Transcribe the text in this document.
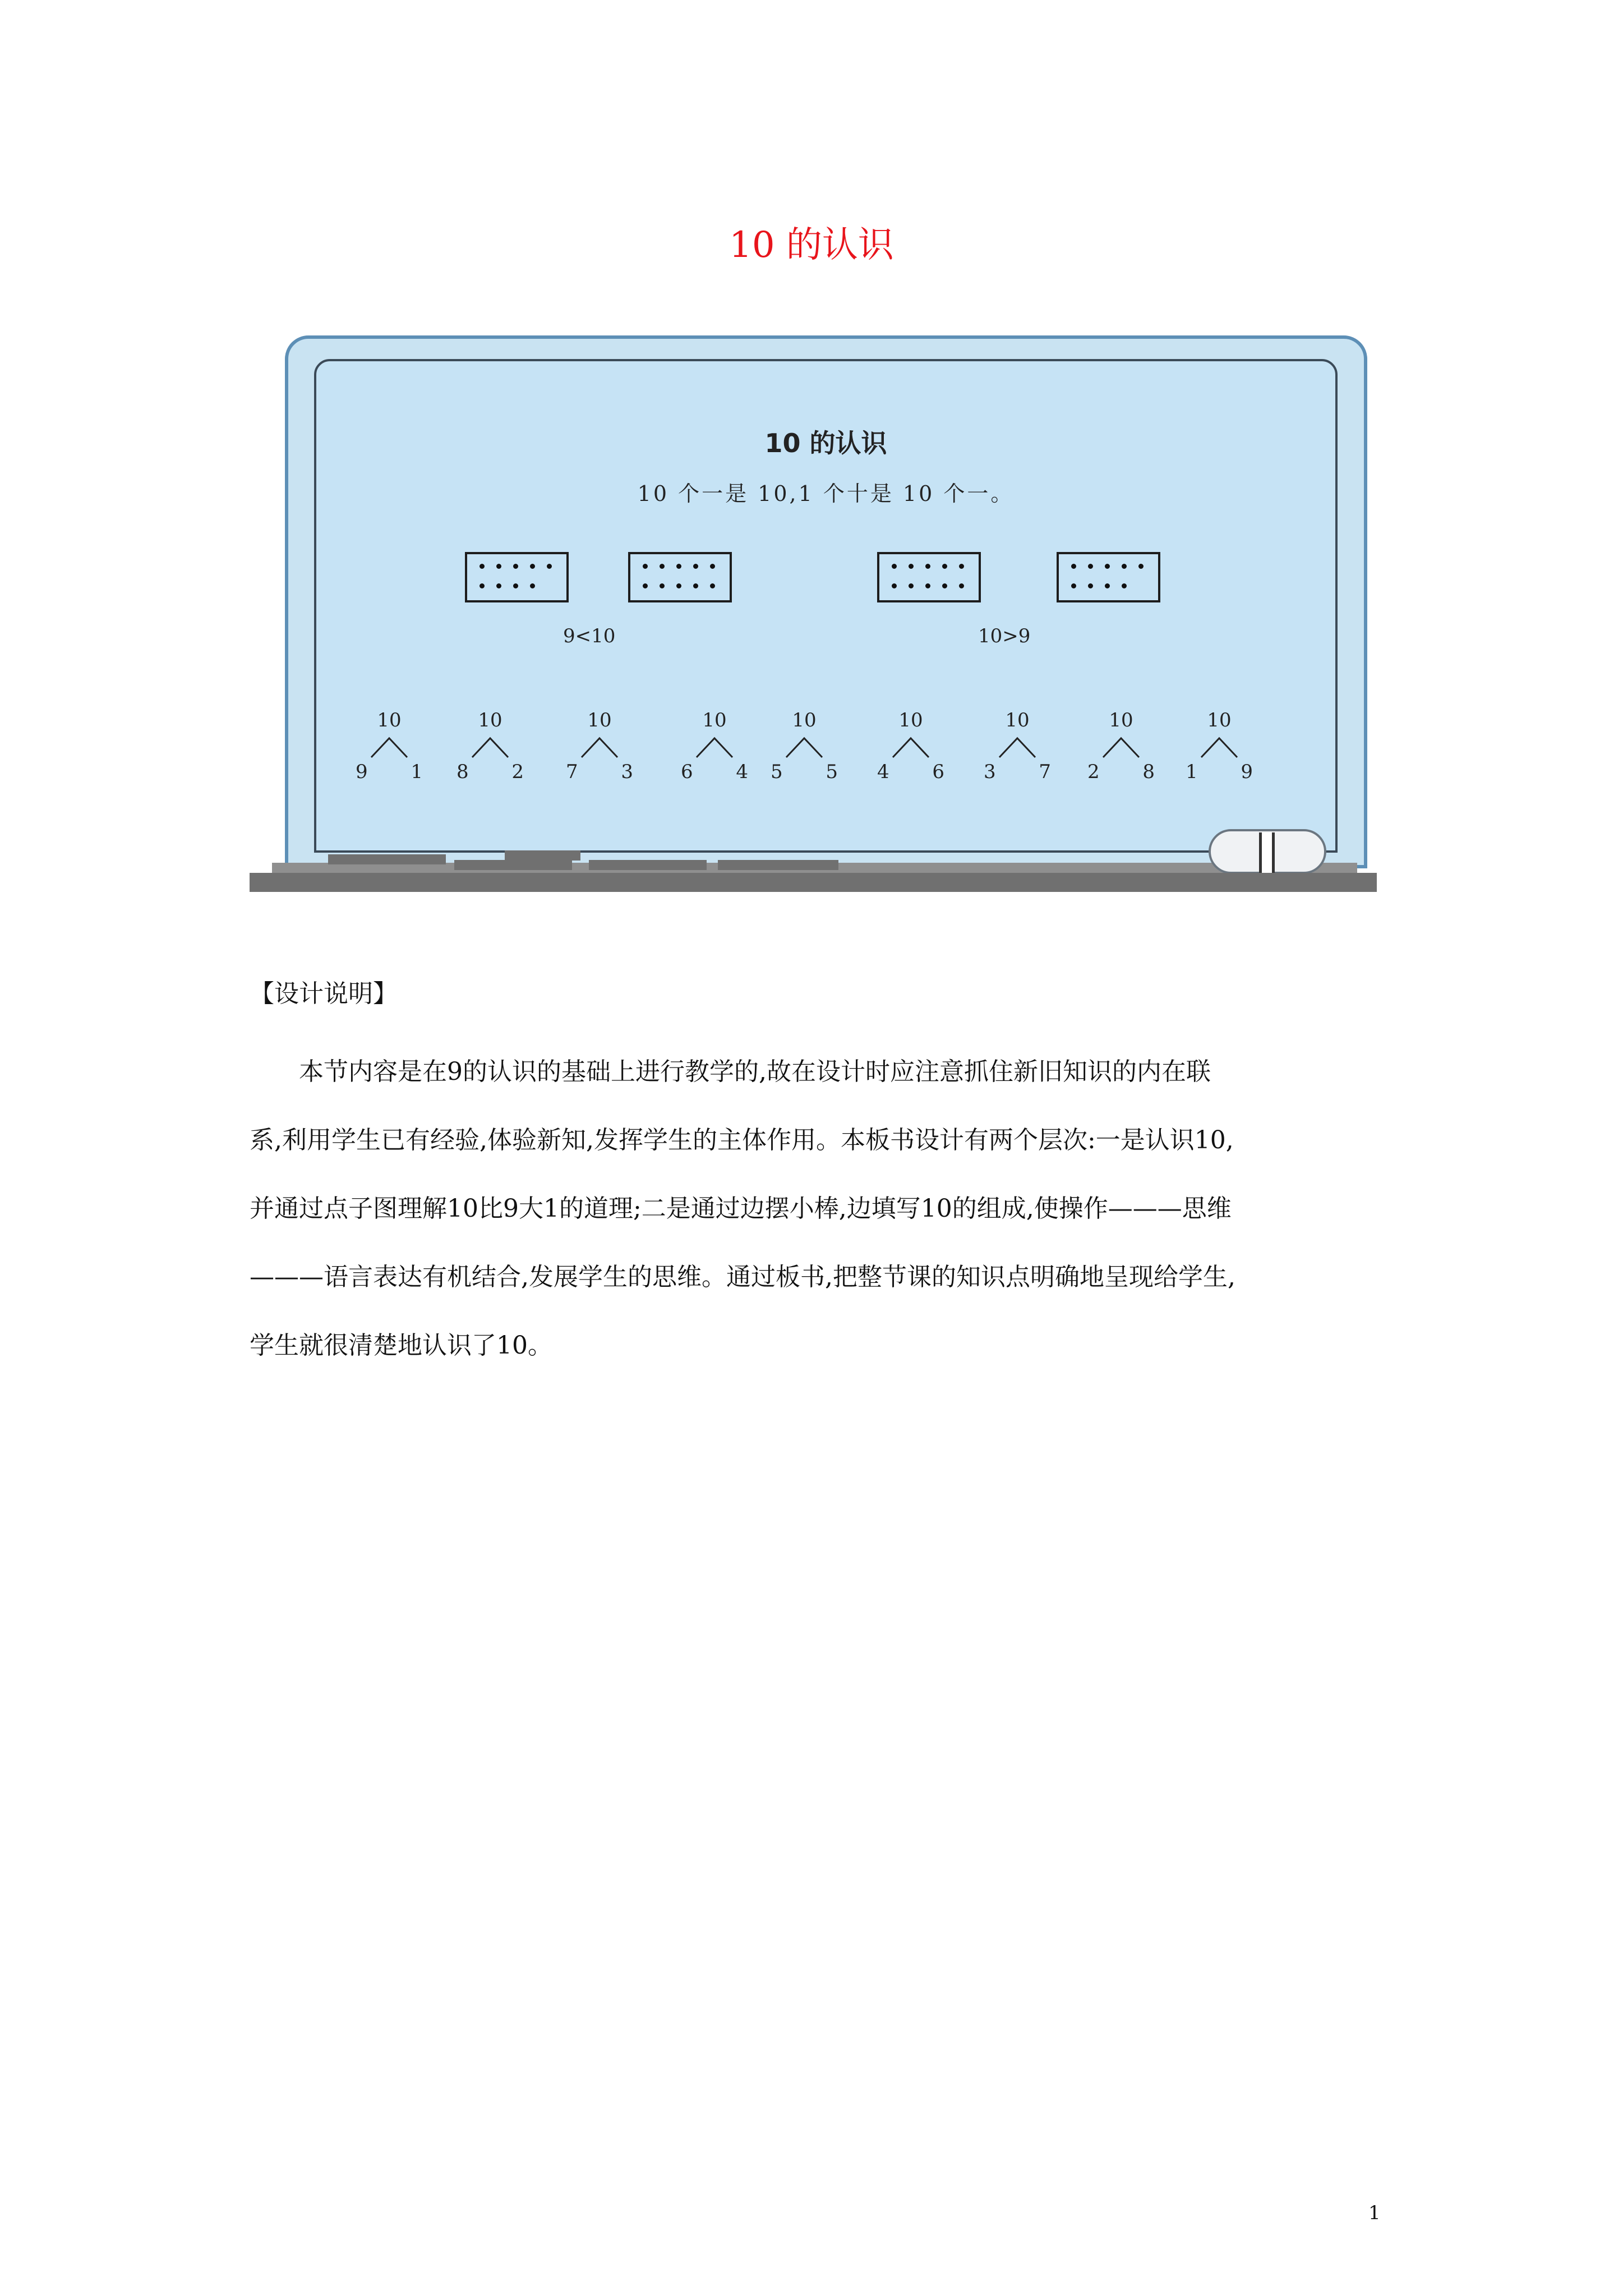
10 的认识
10 的认识
10 个一是 10,1 个十是 10 个一。
9<10	10>9
10
9 1
10
8 2
10
7 3
10
6 4
10
5 5
10
4 6
10
3 7
10
2 8
10
1 9
【设计说明】
本节内容是在9的认识的基础上进行教学的,故在设计时应注意抓住新旧知识的内在联
系,利用学生已有经验,体验新知,发挥学生的主体作用。本板书设计有两个层次:一是认识10,
并通过点子图理解10比9大1的道理;二是通过边摆小棒,边填写10的组成,使操作———思维
———语言表达有机结合,发展学生的思维。通过板书,把整节课的知识点明确地呈现给学生,
学生就很清楚地认识了10。
1
